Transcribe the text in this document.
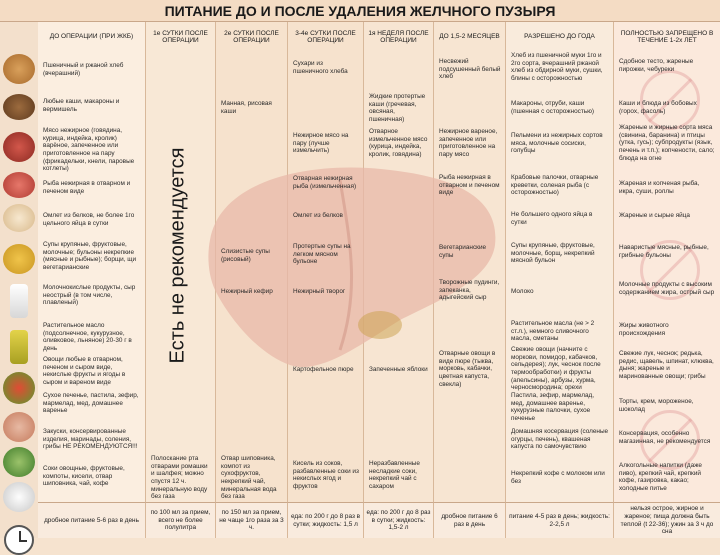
ПИТАНИЕ ДО И ПОСЛЕ УДАЛЕНИЯ ЖЕЛЧНОГО ПУЗЫРЯ
ДО ОПЕРАЦИИ (ПРИ ЖКБ)
1е СУТКИ ПОСЛЕ ОПЕРАЦИИ
2е СУТКИ ПОСЛЕ ОПЕРАЦИИ
3-4е СУТКИ ПОСЛЕ ОПЕРАЦИИ
1я НЕДЕЛЯ ПОСЛЕ ОПЕРАЦИИ
ДО 1,5-2 МЕСЯЦЕВ	РАЗРЕШЕНО ДО ГОДА
ПОЛНОСТЬЮ ЗАПРЕЩЕНО В ТЕЧЕНИЕ 1-2х ЛЕТ
Есть не рекомендуется
Пшеничный и ржаной хлеб (вчерашний)
Любые каши, макароны и вермишель
Мясо нежирное (говядина, курица, индейка, кролик) варёное, запеченное или приготовленное на пару (фрикадельки, кнели, паровые котлеты)
Рыба нежирная в отварном и печеном виде
Омлет из белков, не более 1го цельного яйца в сутки
Супы крупяные, фруктовые, молочные; бульоны некрепкие (мясные и рыбные); борщи, щи вегетарианские
Молочнокислые продукты, сыр неострый (в том числе, плавленый)
Растительное масло (подсолнечное, кукурузное, оливковое, льняное) 20-30 г в день
Овощи любые в отварном, печеном и сыром виде, некислые фрукты и ягоды в сыром и вареном виде
Сухое печенье, пастила, зефир, мармелад, мед, домашнее варенье
Закуски, консервированные изделия, маринады, соления, грибы НЕ РЕКОМЕНДУЮТСЯ!!!
Соки овощные, фруктовые, компоты, кисели, отвар шиповника, чай, кофе
Полоскание рта отварами ромашки и шалфея; можно спустя 12 ч. минеральную воду без газа
Манная, рисовая каши
Слизистые супы (рисовый)
Нежирный кефир
Отвар шиповника, компот из сухофруктов, некрепкий чай, минеральная вода без газа
Сухари из пшеничного хлеба
Нежирное мясо на пару (лучше измельчить)
Отварная нежирная рыба (измельченная)
Омлет из белков
Протертые супы на легком мясном бульоне
Нежирный творог
Картофельное пюре
Кисель из соков, разбавленные соки из некислых ягод и фруктов
Жидкие протертые каши (гречевая, овсяная, пшеничная)
Отварное измельченное мясо (курица, индейка, кролик, говядина)
Запеченные яблоки
Неразбавленные несладкие соки, некрепкий чай с сахаром
Несвежий подсушенный белый хлеб
Нежирное вареное, запеченное или приготовленное на пару мясо
Рыба нежирная в отварном и печеном виде
Вегетарианские супы
Творожные пудинги, запеканка, адыгейский сыр
Отварные овощи в виде пюре (тыква, морковь, кабачки, цветная капуста, свекла)
Хлеб из пшеничной муки 1го и 2го сорта, вчерашний ржаной хлеб из обдирной муки, сушки, блины с осторожностью
Макароны, отруби, каши (пшенная с осторожностью)
Пельмени из нежирных сортов мяса, молочные сосиски, голубцы
Крабовые палочки, отварные креветки, соленая рыба (с осторожностью)
Не большего одного яйца в сутки
Супы крупяные, фруктовые, молочные, борщ, некрепкий мясной бульон
Молоко
Растительное масла (не > 2 ст.л.), немного сливочного масла, сметаны
Свежие овощи (начните с моркови, помидор, кабачков, сельдерея); лук, чеснок после термообработки) и фрукты (апельсины), арбузы, хурма, черносмородина; орехи
Пастила, зефир, мармелад, мед, домашнее варенье, кукурузные палочки, сухое печенье
Домашняя косервация (соленые огурцы, печень), квашеная капуста по самочувствию
Некрепкий кофе с молоком или без
Сдобное тесто, жареные пирожки, чебуреки
Каши и блюда из бобовых (горох, фасоль)
Жареные и жирные сорта мяса (свинина, баранина) и птицы (утка, гусь); субпродукты (язык, печень и т.п.); копчености, сало; блюда на огне
Жареная и копченая рыба, икра, суши, роллы
Жареные и сырые яйца
Наваристые мясные, рыбные, грибные бульоны
Молочные продукты с высоким содержанием жира, острый сыр
Жиры животного происхождения
Свежие лук, чеснок; редька, редис, щавель, шпинат, клюква, дыня; жареные и маринованные овощи; грибы
Торты, крем, мороженое, шоколад
Консервация, особенно магазинная, не рекомендуется
Алкогольные напитки (даже пиво), крепкий чай, крепкий кофе, газировка, какао; холодные питье
дробное питание 5-6 раз в день
по 100 мл за прием, всего не более полулитра
по 150 мл за прием, не чаще 1го раза за 3 ч.
еда: по 200 г до 8 раз в сутки; жидкость: 1,5 л
еда: по 200 г до 8 раз в сутки; жидкость: 1,5-2 л
дробное питание 6 раз в день
питание 4-5 раз в день; жидкость: 2-2,5 л
нельзя острое, жирное и жареное; пища должна быть теплой (t 22-36); ужин за 3 ч до сна
